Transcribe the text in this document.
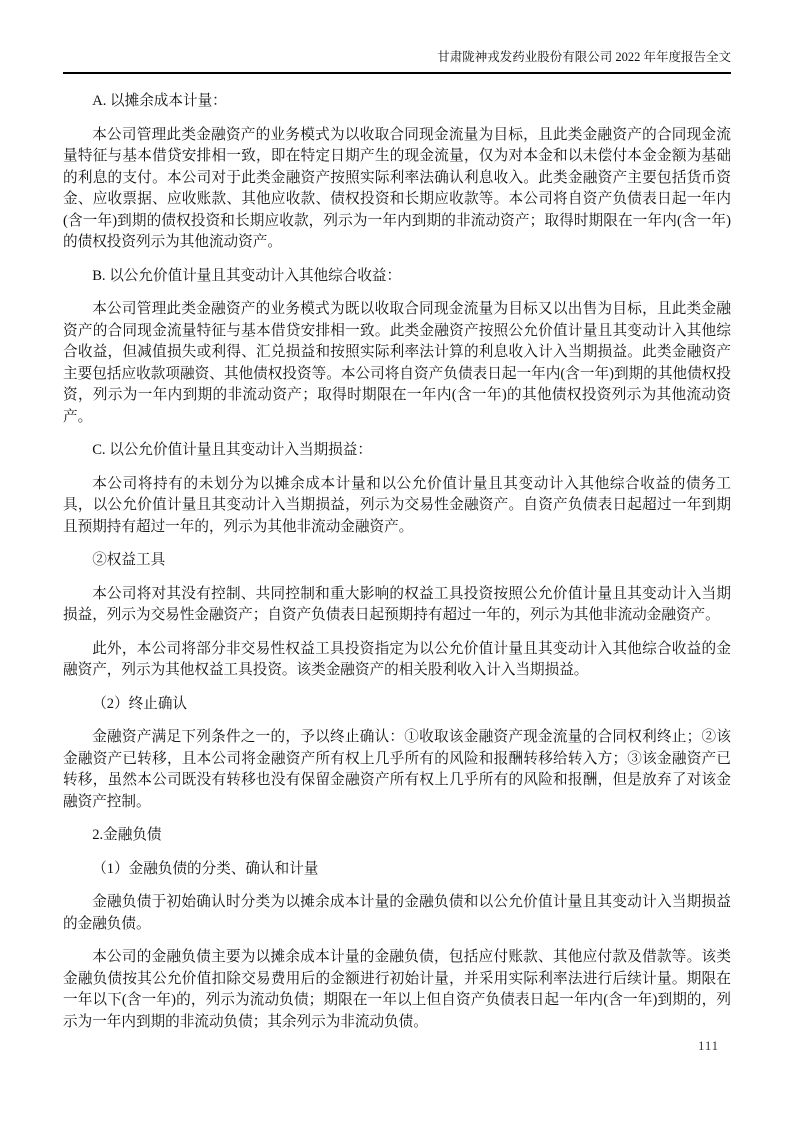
甘肃陇神戎发药业股份有限公司 2022 年年度报告全文
A. 以摊余成本计量：
本公司管理此类金融资产的业务模式为以收取合同现金流量为目标，且此类金融资产的合同现金流量特征与基本借贷安排相一致，即在特定日期产生的现金流量，仅为对本金和以未偿付本金金额为基础的利息的支付。本公司对于此类金融资产按照实际利率法确认利息收入。此类金融资产主要包括货币资金、应收票据、应收账款、其他应收款、债权投资和长期应收款等。本公司将自资产负债表日起一年内(含一年)到期的债权投资和长期应收款，列示为一年内到期的非流动资产；取得时期限在一年内(含一年)的债权投资列示为其他流动资产。
B. 以公允价值计量且其变动计入其他综合收益：
本公司管理此类金融资产的业务模式为既以收取合同现金流量为目标又以出售为目标，且此类金融资产的合同现金流量特征与基本借贷安排相一致。此类金融资产按照公允价值计量且其变动计入其他综合收益，但减值损失或利得、汇兑损益和按照实际利率法计算的利息收入计入当期损益。此类金融资产主要包括应收款项融资、其他债权投资等。本公司将自资产负债表日起一年内(含一年)到期的其他债权投资，列示为一年内到期的非流动资产；取得时期限在一年内(含一年)的其他债权投资列示为其他流动资产。
C. 以公允价值计量且其变动计入当期损益：
本公司将持有的未划分为以摊余成本计量和以公允价值计量且其变动计入其他综合收益的债务工具，以公允价值计量且其变动计入当期损益，列示为交易性金融资产。自资产负债表日起超过一年到期且预期持有超过一年的，列示为其他非流动金融资产。
②权益工具
本公司将对其没有控制、共同控制和重大影响的权益工具投资按照公允价值计量且其变动计入当期损益，列示为交易性金融资产；自资产负债表日起预期持有超过一年的，列示为其他非流动金融资产。
此外，本公司将部分非交易性权益工具投资指定为以公允价值计量且其变动计入其他综合收益的金融资产，列示为其他权益工具投资。该类金融资产的相关股利收入计入当期损益。
（2）终止确认
金融资产满足下列条件之一的，予以终止确认：①收取该金融资产现金流量的合同权利终止；②该金融资产已转移，且本公司将金融资产所有权上几乎所有的风险和报酬转移给转入方；③该金融资产已转移，虽然本公司既没有转移也没有保留金融资产所有权上几乎所有的风险和报酬，但是放弃了对该金融资产控制。
2.金融负债
（1）金融负债的分类、确认和计量
金融负债于初始确认时分类为以摊余成本计量的金融负债和以公允价值计量且其变动计入当期损益的金融负债。
本公司的金融负债主要为以摊余成本计量的金融负债，包括应付账款、其他应付款及借款等。该类金融负债按其公允价值扣除交易费用后的金额进行初始计量，并采用实际利率法进行后续计量。期限在一年以下(含一年)的，列示为流动负债；期限在一年以上但自资产负债表日起一年内(含一年)到期的，列示为一年内到期的非流动负债；其余列示为非流动负债。
111
